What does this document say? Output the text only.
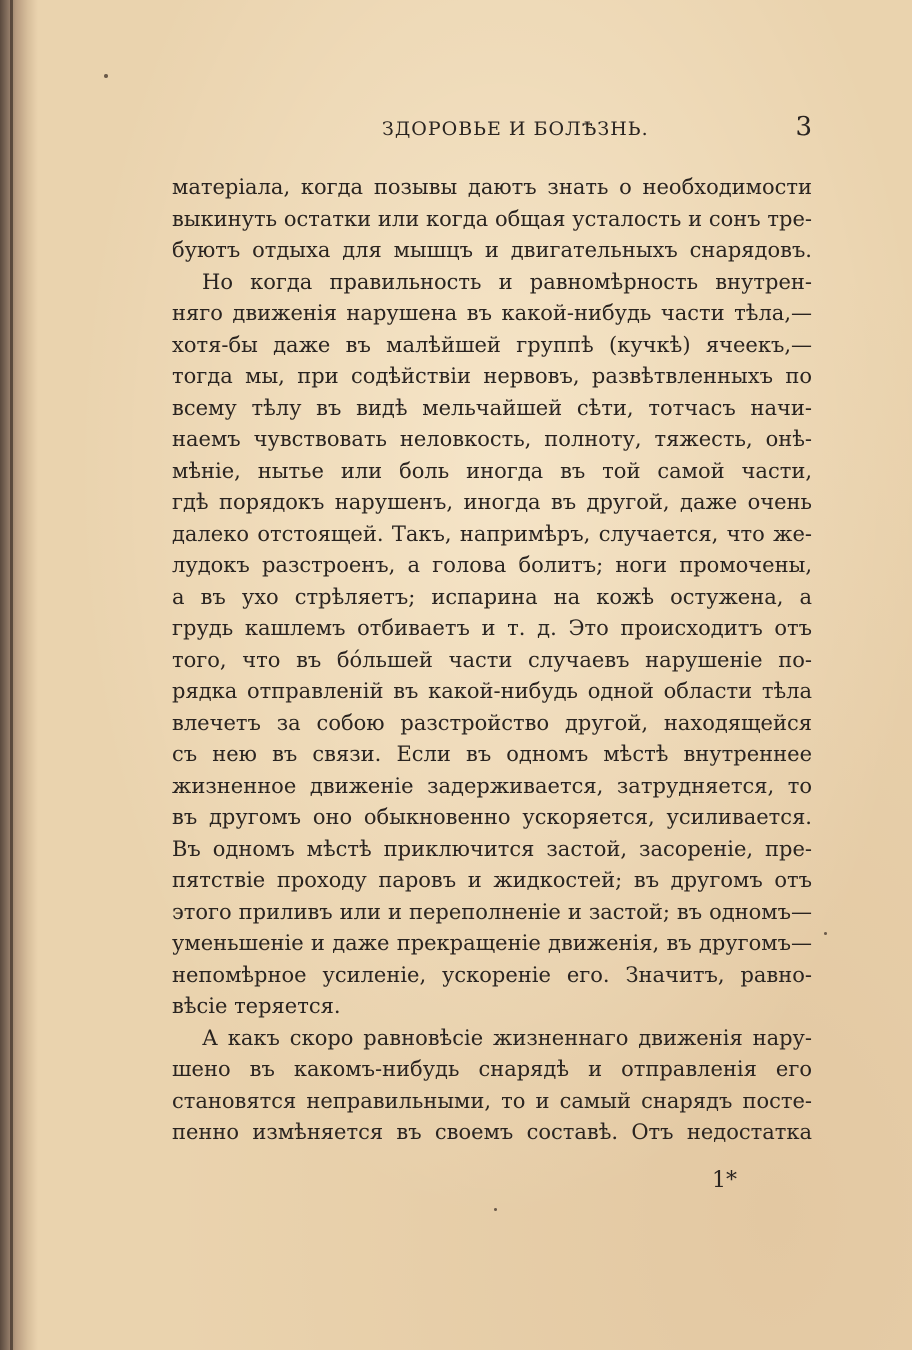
ЗДОРОВЬЕ И БОЛѢЗНЬ.	3
матеріала, когда позывы даютъ знать о необходимости
выкинуть остатки или когда общая усталость и сонъ тре-
буютъ отдыха для мышцъ и двигательныхъ снарядовъ.
Но когда правильность и равномѣрность внутрен-
няго движенія нарушена въ какой-нибудь части тѣла,—
хотя-бы даже въ малѣйшей группѣ (кучкѣ) ячеекъ,—
тогда мы, при содѣйствіи нервовъ, развѣтвленныхъ по
всему тѣлу въ видѣ мельчайшей сѣти, тотчасъ начи-
наемъ чувствовать неловкость, полноту, тяжесть, онѣ-
мѣніе, нытье или боль иногда въ той самой части,
гдѣ порядокъ нарушенъ, иногда въ другой, даже очень
далеко отстоящей. Такъ, напримѣръ, случается, что же-
лудокъ разстроенъ, а голова болитъ; ноги промочены,
а въ ухо стрѣляетъ; испарина на кожѣ остужена, а
грудь кашлемъ отбиваетъ и т. д. Это происходитъ отъ
того, что въ бо́льшей части случаевъ нарушеніе по-
рядка отправленій въ какой-нибудь одной области тѣла
влечетъ за собою разстройство другой, находящейся
съ нею въ связи. Если въ одномъ мѣстѣ внутреннее
жизненное движеніе задерживается, затрудняется, то
въ другомъ оно обыкновенно ускоряется, усиливается.
Въ одномъ мѣстѣ приключится застой, засореніе, пре-
пятствіе проходу паровъ и жидкостей; въ другомъ отъ
этого приливъ или и переполненіе и застой; въ одномъ—
уменьшеніе и даже прекращеніе движенія, въ другомъ—
непомѣрное усиленіе, ускореніе его. Значитъ, равно-
вѣсіе теряется.
А какъ скоро равновѣсіе жизненнаго движенія нару-
шено въ какомъ-нибудь снарядѣ и отправленія его
становятся неправильными, то и самый снарядъ посте-
пенно измѣняется въ своемъ составѣ. Отъ недостатка
1*
